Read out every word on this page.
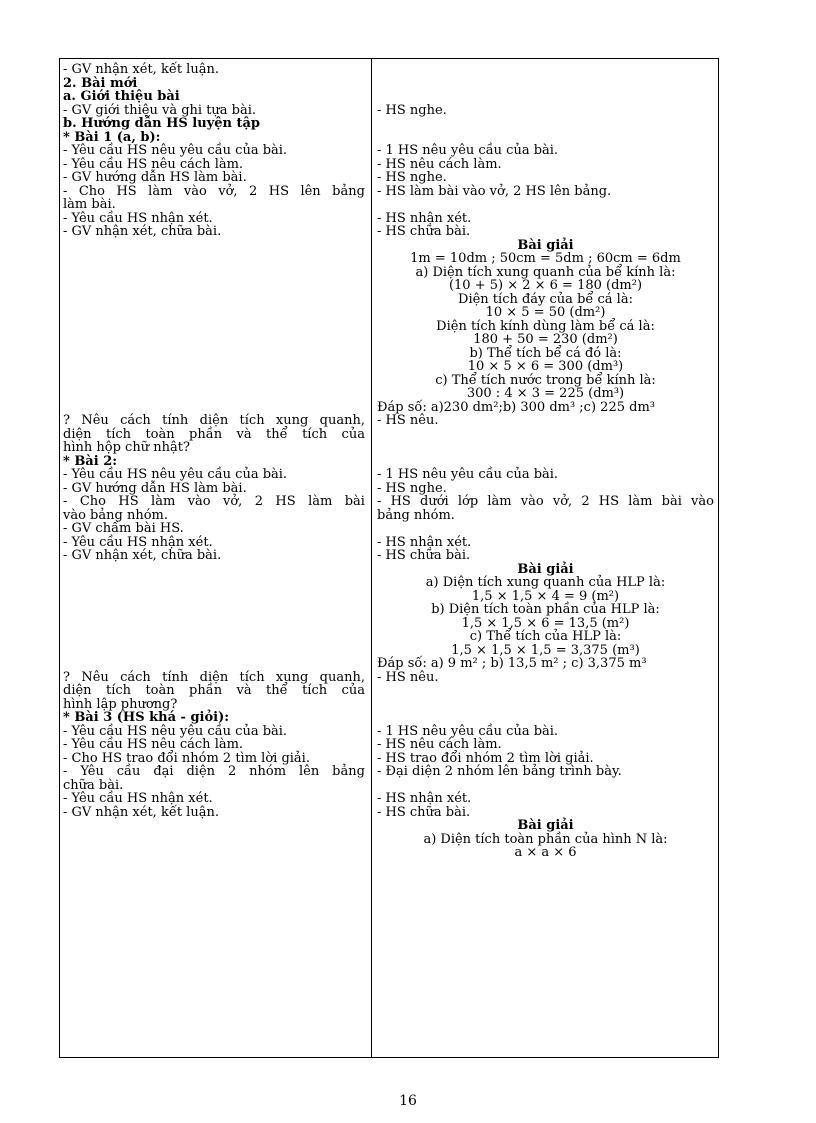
- GV nhận xét, kết luận.
2. Bài mới
a. Giới thiệu bài
- GV giới thiệu và ghi tựa bài.
b. Hướng dẫn HS luyện tập
* Bài 1 (a, b):
- Yêu cầu HS nêu yêu cầu của bài.
- Yêu cầu HS nêu cách làm.
- GV hướng dẫn HS làm bài.
- Cho HS làm vào vở, 2 HS lên bảng
làm bài.
- Yêu cầu HS nhận xét.
- GV nhận xét, chữa bài.
? Nêu cách tính diện tích xung quanh,
diện tích toàn phần và thể tích của
hình hộp chữ nhật?
* Bài 2:
- Yêu cầu HS nêu yêu cầu của bài.
- GV hướng dẫn HS làm bài.
- Cho HS làm vào vở, 2 HS làm bài
vào bảng nhóm.
- GV chấm bài HS.
- Yêu cầu HS nhận xét.
- GV nhận xét, chữa bài.
? Nêu cách tính diện tích xung quanh,
diện tích toàn phần và thể tích của
hình lập phương?
* Bài 3 (HS khá - giỏi):
- Yêu cầu HS nêu yêu cầu của bài.
- Yêu cầu HS nêu cách làm.
- Cho HS trao đổi nhóm 2 tìm lời giải.
- Yêu cầu đại diện 2 nhóm lên bảng
chữa bài.
- Yêu cầu HS nhận xét.
- GV nhận xét, kết luận.
- HS nghe.
- 1 HS nêu yêu cầu của bài.
- HS nêu cách làm.
- HS nghe.
- HS làm bài vào vở, 2 HS lên bảng.
- HS nhận xét.
- HS chữa bài.
Bài giải
1m = 10dm ; 50cm = 5dm ; 60cm = 6dm
a) Diện tích xung quanh của bể kính là:
(10 + 5) × 2 × 6 = 180 (dm²)
Diện tích đáy của bể cá là:
10 × 5 = 50 (dm²)
Diện tích kính dùng làm bể cá là:
180 + 50 = 230 (dm²)
b) Thể tích bể cá đó là:
10 × 5 × 6 = 300 (dm³)
c) Thể tích nước trong bể kính là:
300 : 4 × 3 = 225 (dm³)
Đáp số: a)230 dm²;b) 300 dm³ ;c) 225 dm³
- HS nêu.
- 1 HS nêu yêu cầu của bài.
- HS nghe.
- HS dưới lớp làm vào vở, 2 HS làm bài vào
bảng nhóm.
- HS nhận xét.
- HS chữa bài.
Bài giải
a) Diện tích xung quanh của HLP là:
1,5 × 1,5 × 4 = 9 (m²)
b) Diện tích toàn phần của HLP là:
1,5 × 1,5 × 6 = 13,5 (m²)
c) Thể tích của HLP là:
1,5 × 1,5 × 1,5 = 3,375 (m³)
Đáp số: a) 9 m² ; b) 13,5 m² ; c) 3,375 m³
- HS nêu.
- 1 HS nêu yêu cầu của bài.
- HS nêu cách làm.
- HS trao đổi nhóm 2 tìm lời giải.
- Đại diện 2 nhóm lên bảng trình bày.
- HS nhận xét.
- HS chữa bài.
Bài giải
a) Diện tích toàn phần của hình N là:
a × a × 6
16
